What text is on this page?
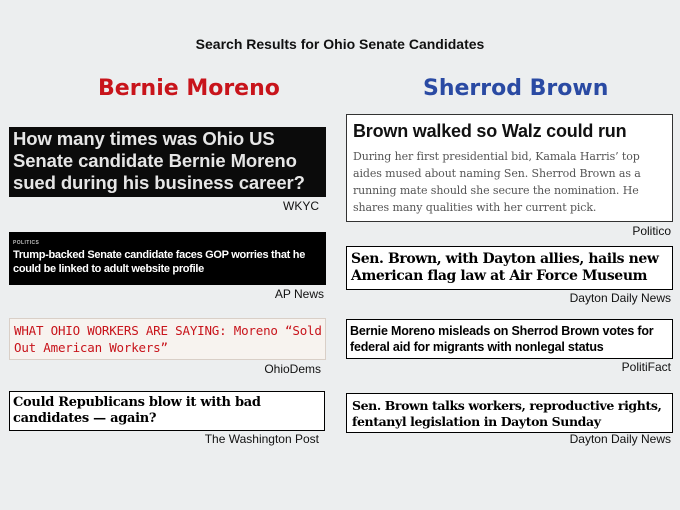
Search Results for Ohio Senate Candidates
Bernie Moreno	Sherrod Brown
How many times was Ohio US Senate candidate Bernie Moreno sued during his business career?
WKYC
POLITICS
Trump-backed Senate candidate faces GOP worries that he could be linked to adult website profile
AP News
WHAT OHIO WORKERS ARE SAYING: Moreno “Sold Out American Workers”
OhioDems
Could Republicans blow it with bad candidates — again?
The Washington Post
Brown walked so Walz could run
During her first presidential bid, Kamala Harris’ top aides mused about naming Sen. Sherrod Brown as a running mate should she secure the nomination. He shares many qualities with her current pick.
Politico
Sen. Brown, with Dayton allies, hails new American flag law at Air Force Museum
Dayton Daily News
Bernie Moreno misleads on Sherrod Brown votes for federal aid for migrants with nonlegal status
PolitiFact
Sen. Brown talks workers, reproductive rights, fentanyl legislation in Dayton Sunday
Dayton Daily News
